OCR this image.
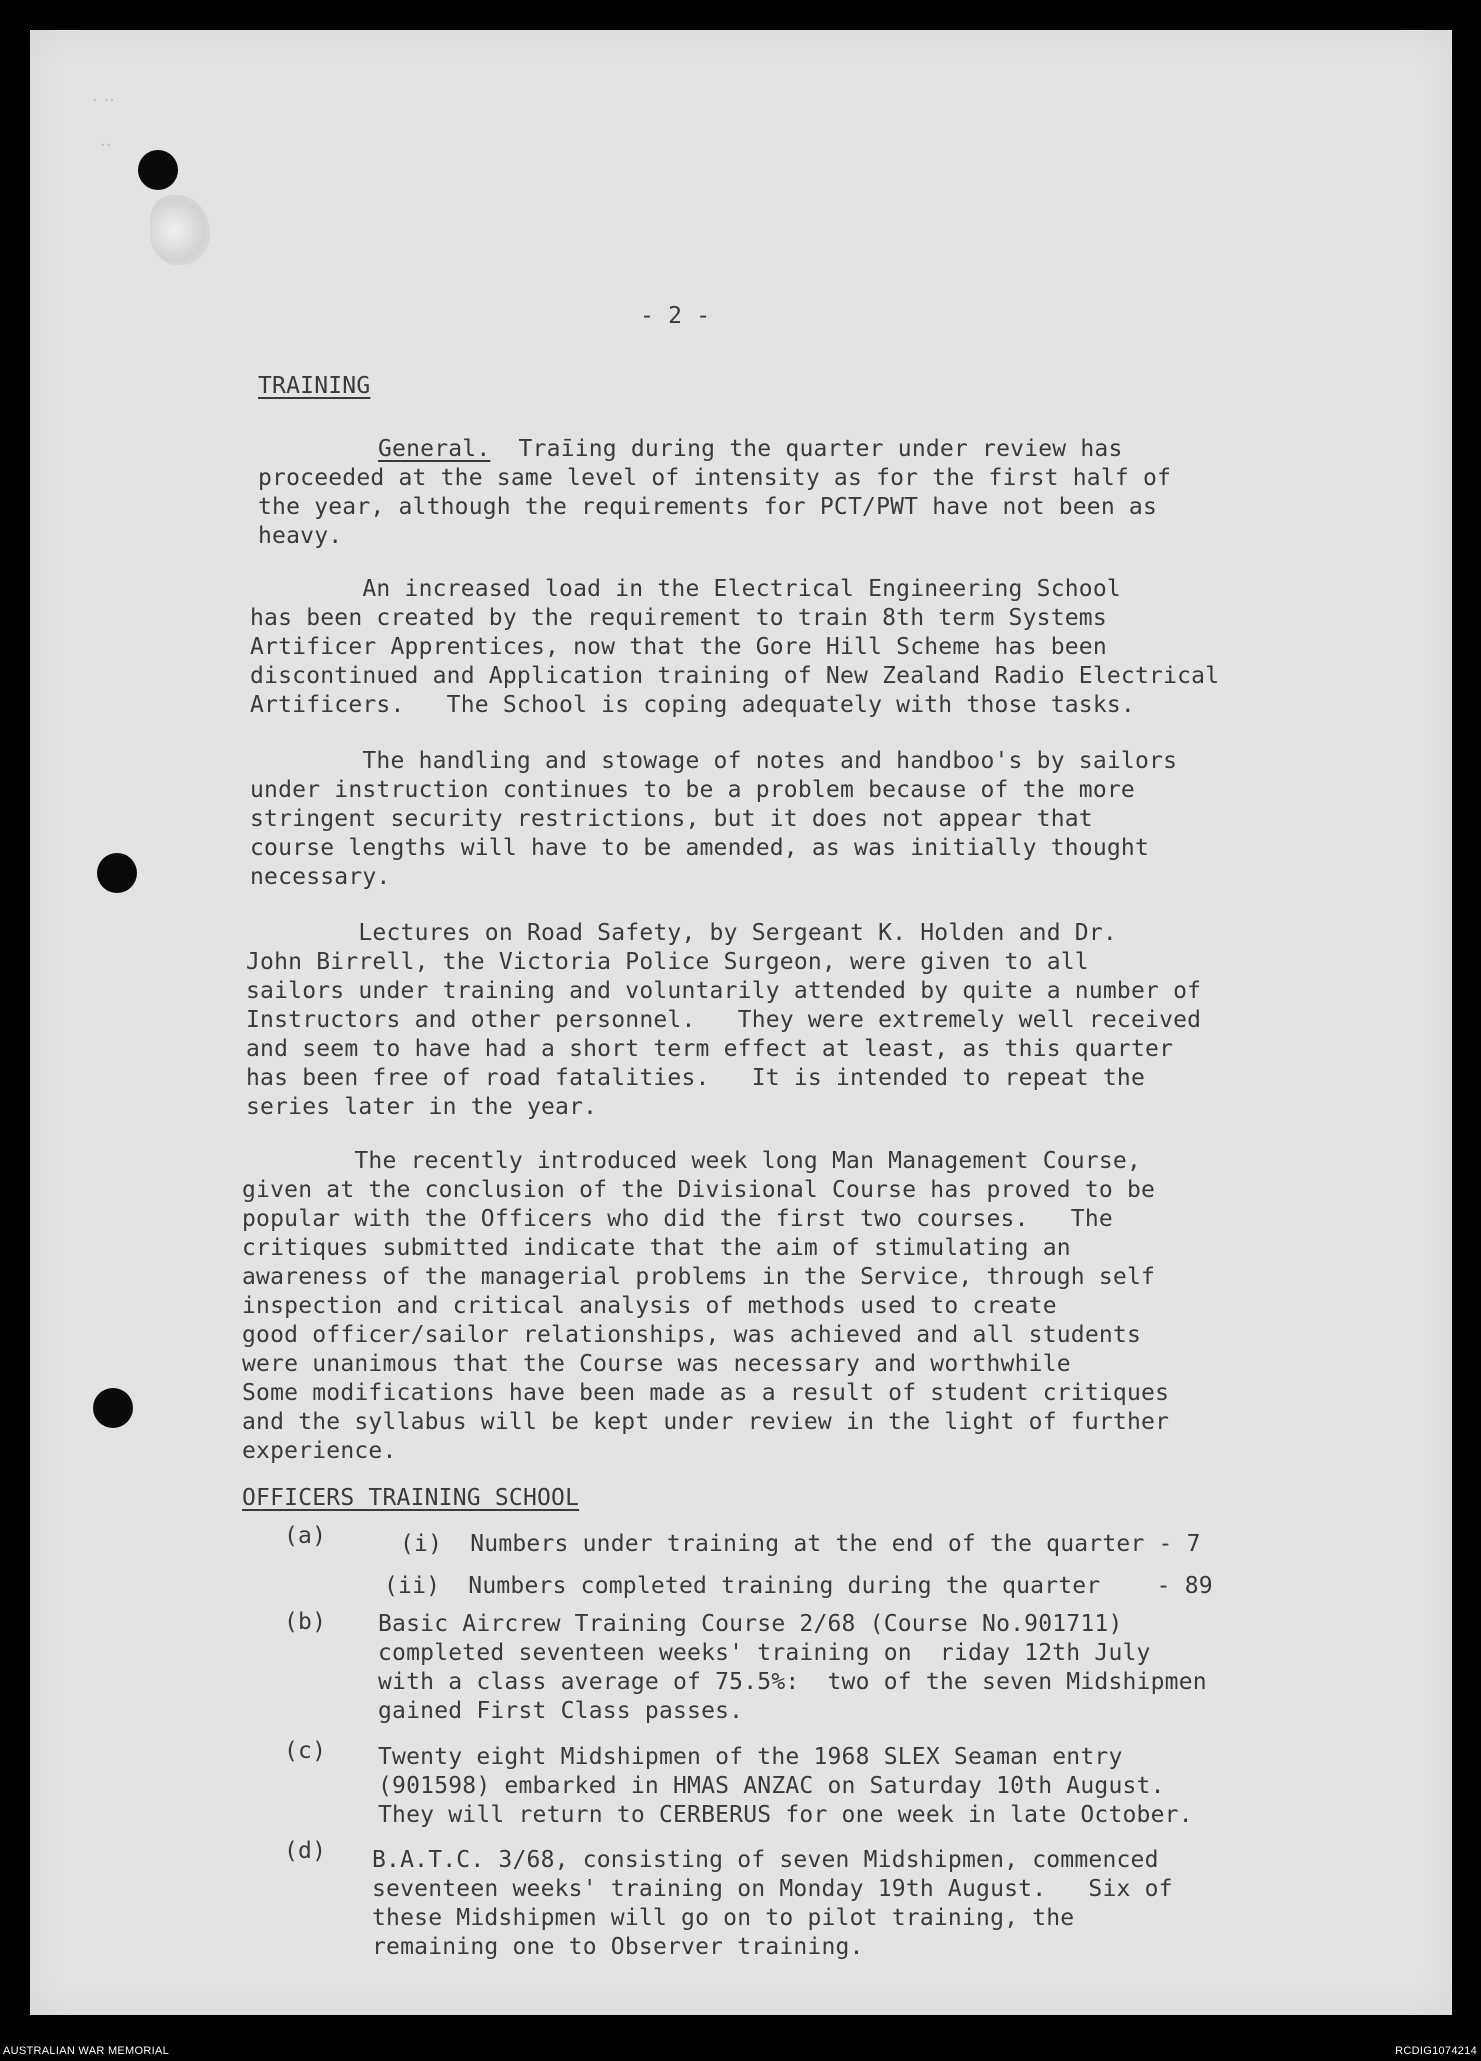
⋅ ⋅⋅
⋅⋅
- 2 -
TRAINING
General. Traīing during the quarter under review has
proceeded at the same level of intensity as for the first half of
the year, although the requirements for PCT/PWT have not been as
heavy.
An increased load in the Electrical Engineering School
has been created by the requirement to train 8th term Systems
Artificer Apprentices, now that the Gore Hill Scheme has been
discontinued and Application training of New Zealand Radio Electrical
Artificers.   The School is coping adequately with those tasks.
The handling and stowage of notes and handboo's by sailors
under instruction continues to be a problem because of the more
stringent security restrictions, but it does not appear that
course lengths will have to be amended, as was initially thought
necessary.
Lectures on Road Safety, by Sergeant K. Holden and Dr.
John Birrell, the Victoria Police Surgeon, were given to all
sailors under training and voluntarily attended by quite a number of
Instructors and other personnel.   They were extremely well received
and seem to have had a short term effect at least, as this quarter
has been free of road fatalities.   It is intended to repeat the
series later in the year.
The recently introduced week long Man Management Course,
given at the conclusion of the Divisional Course has proved to be
popular with the Officers who did the first two courses.   The
critiques submitted indicate that the aim of stimulating an
awareness of the managerial problems in the Service, through self
inspection and critical analysis of methods used to create
good officer/sailor relationships, was achieved and all students
were unanimous that the Course was necessary and worthwhile
Some modifications have been made as a result of student critiques
and the syllabus will be kept under review in the light of further
experience.
OFFICERS TRAINING SCHOOL
(a)	(i)  Numbers under training at the end of the quarter - 7
(ii)  Numbers completed training during the quarter    - 89
(b) Basic Aircrew Training Course 2/68 (Course No.901711)
completed seventeen weeks' training on  riday 12th July
with a class average of 75.5%:  two of the seven Midshipmen
gained First Class passes.
(c) Twenty eight Midshipmen of the 1968 SLEX Seaman entry
(901598) embarked in HMAS ANZAC on Saturday 10th August.
They will return to CERBERUS for one week in late October.
(d) B.A.T.C. 3/68, consisting of seven Midshipmen, commenced
seventeen weeks' training on Monday 19th August.   Six of
these Midshipmen will go on to pilot training, the
remaining one to Observer training.
AUSTRALIAN WAR MEMORIAL	RCDIG1074214
